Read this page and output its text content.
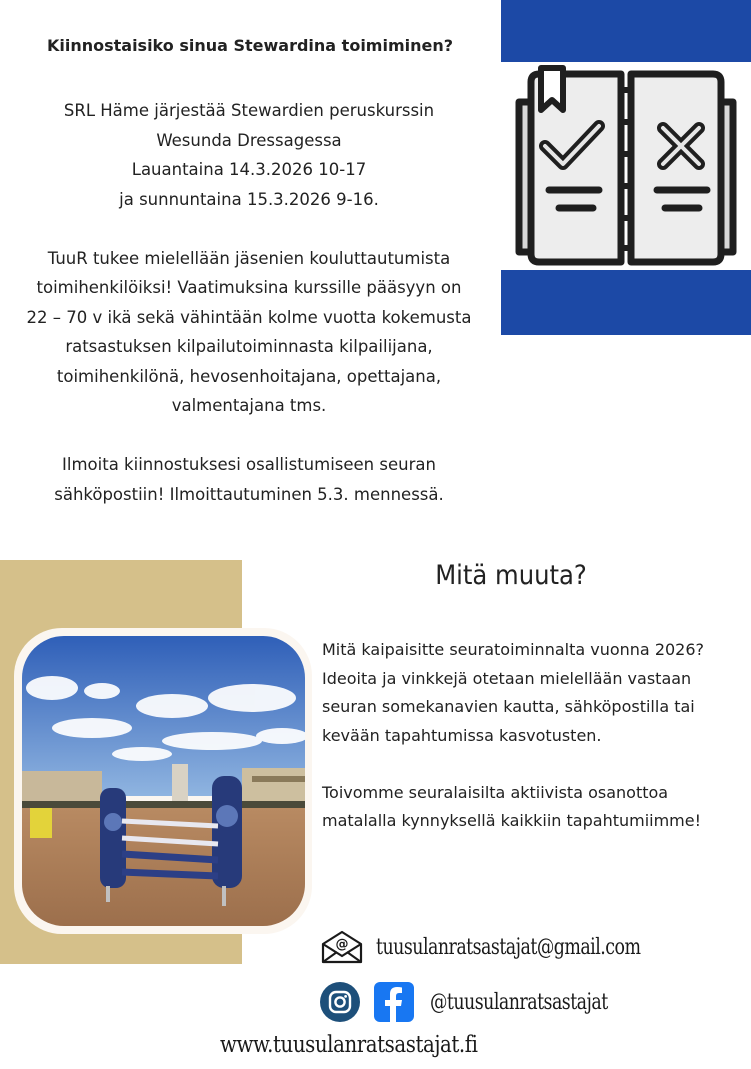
Kiinnostaisiko sinua Stewardina toimiminen?

SRL Häme järjestää Stewardien peruskurssin

Wesunda Dressagessa

Lauantaina 14.3.2026 10-17

ja sunnuntaina 15.3.2026 9-16.

TuuR tukee mielellään jäsenien kouluttautumista

toimihenkilöiksi! Vaatimuksina kurssille pääsyyn on

22 – 70 v ikä sekä vähintään kolme vuotta kokemusta

ratsastuksen kilpailutoiminnasta kilpailijana,

toimihenkilönä, hevosenhoitajana, opettajana,

valmentajana tms.

Ilmoita kiinnostuksesi osallistumiseen seuran

sähköpostiin! Ilmoittautuminen 5.3. mennessä.

Mitä muuta?

Mitä kaipaisitte seuratoiminnalta vuonna 2026?

Ideoita ja vinkkejä otetaan mielellään vastaan

seuran somekanavien kautta, sähköpostilla tai

kevään tapahtumissa kasvotusten.

Toivomme seuralaisilta aktiivista osanottoa

matalalla kynnyksellä kaikkiin tapahtumiimme!

@ tuusulanratsastajat@gmail.com
@tuusulanratsastajat
www.tuusulanratsastajat.fi
